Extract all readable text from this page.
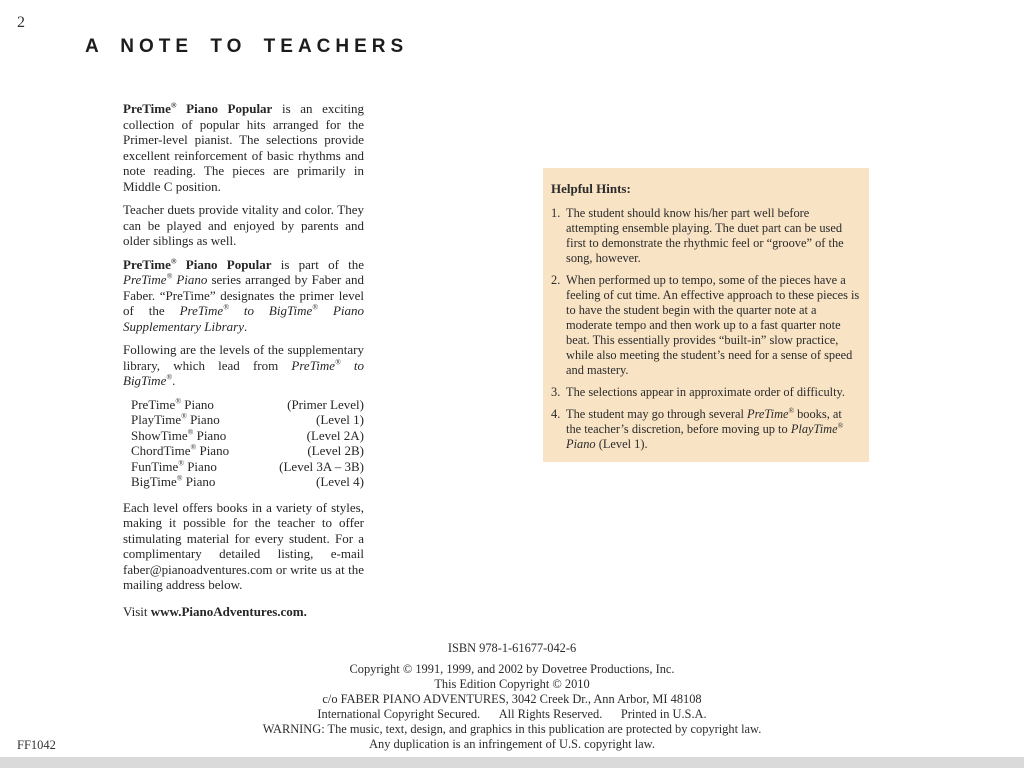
2
A NOTE TO TEACHERS

PreTime® Piano Popular is an exciting collection of popular hits arranged for the Primer-level pianist. The selections provide excellent reinforcement of basic rhythms and note reading. The pieces are primarily in Middle C position.

Teacher duets provide vitality and color. They can be played and enjoyed by parents and older siblings as well.

PreTime® Piano Popular is part of the PreTime® Piano series arranged by Faber and Faber. “PreTime” designates the primer level of the PreTime® to BigTime® Piano Supplementary Library.

Following are the levels of the supplementary library, which lead from PreTime® to BigTime®.

PreTime® Piano	(Primer Level)
PlayTime® Piano	(Level 1)
ShowTime® Piano	(Level 2A)
ChordTime® Piano	(Level 2B)
FunTime® Piano	(Level 3A – 3B)
BigTime® Piano	(Level 4)

Each level offers books in a variety of styles, making it possible for the teacher to offer stimulating material for every student. For a complimentary detailed listing, e-mail faber@pianoadventures.com or write us at the mailing address below.

Visit www.PianoAdventures.com.

Helpful Hints:
1. The student should know his/her part well before attempting ensemble playing. The duet part can be used first to demonstrate the rhythmic feel or “groove” of the song, however.
2. When performed up to tempo, some of the pieces have a feeling of cut time. An effective approach to these pieces is to have the student begin with the quarter note at a moderate tempo and then work up to a fast quarter note beat. This essentially provides “built-in” slow practice, while also meeting the student’s need for a sense of speed and mastery.
3. The selections appear in approximate order of difficulty.
4. The student may go through several PreTime® books, at the teacher’s discretion, before moving up to PlayTime® Piano (Level 1).
ISBN 978-1-61677-042-6
Copyright © 1991, 1999, and 2002 by Dovetree Productions, Inc.
This Edition Copyright © 2010
c/o FABER PIANO ADVENTURES, 3042 Creek Dr., Ann Arbor, MI 48108
International Copyright Secured.   All Rights Reserved.   Printed in U.S.A.
WARNING: The music, text, design, and graphics in this publication are protected by copyright law.
Any duplication is an infringement of U.S. copyright law.
FF1042
